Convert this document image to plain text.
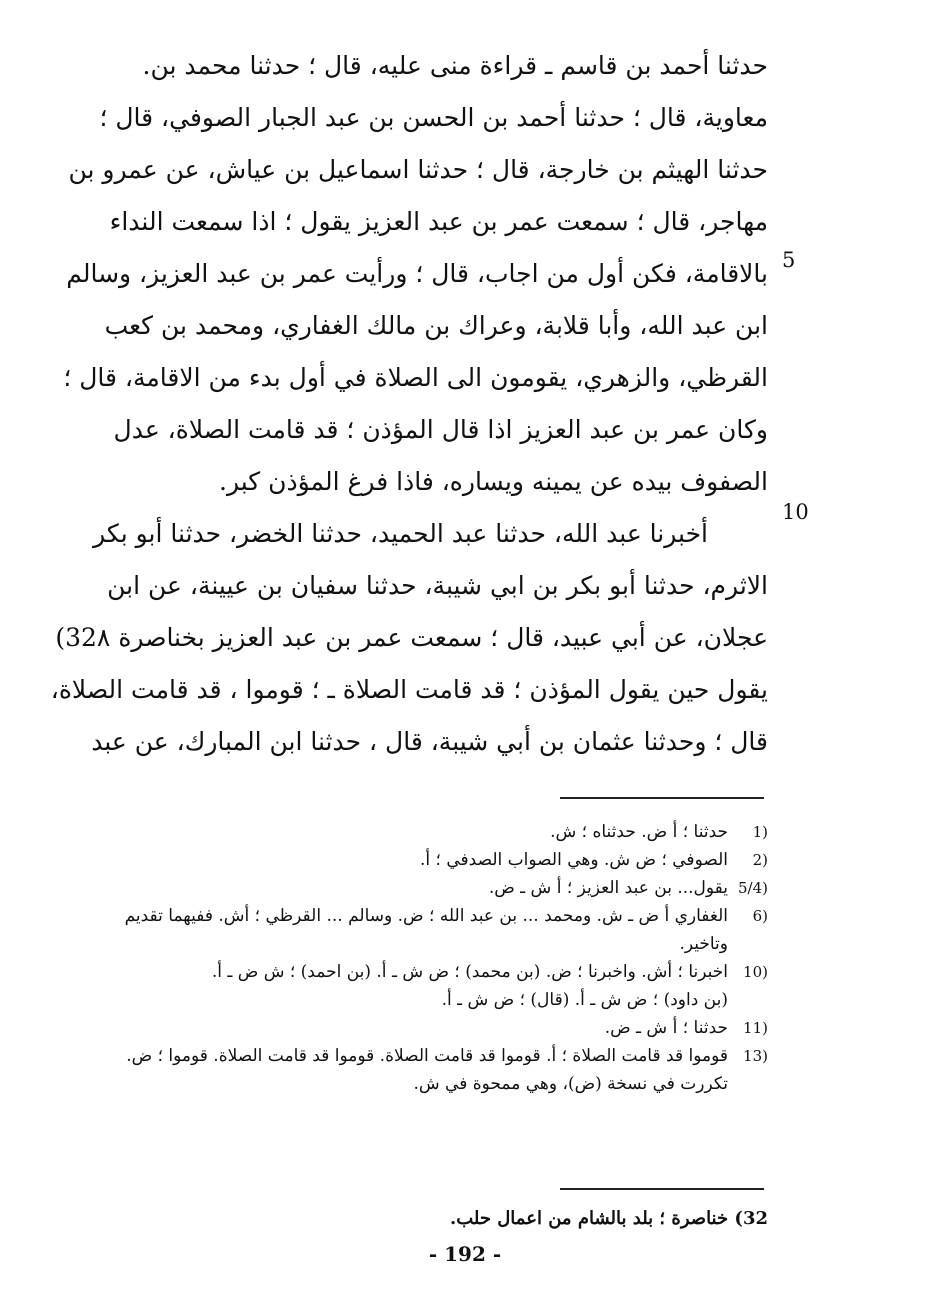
حدثنا أحمد بن قاسم ـ قراءة منى عليه، قال ؛ حدثنا محمد بن.
معاوية، قال ؛ حدثنا أحمد بن الحسن بن عبد الجبار الصوفي، قال ؛
حدثنا الهيثم بن خارجة، قال ؛ حدثنا اسماعيل بن عياش، عن عمرو بن
مهاجر، قال ؛ سمعت عمر بن عبد العزيز يقول ؛ اذا سمعت النداء
بالاقامة، فكن أول من اجاب، قال ؛ ورأيت عمر بن عبد العزيز، وسالم
ابن عبد الله، وأبا قلابة، وعراك بن مالك الغفاري، ومحمد بن كعب
القرظي، والزهري، يقومون الى الصلاة في أول بدء من الاقامة، قال ؛
وكان عمر بن عبد العزيز اذا قال المؤذن ؛ قد قامت الصلاة، عدل
الصفوف بيده عن يمينه ويساره، فاذا فرغ المؤذن كبر.
أخبرنا عبد الله، حدثنا عبد الحميد، حدثنا الخضر، حدثنا أبو بكر
الاثرم، حدثنا أبو بكر بن ابي شيبة، حدثنا سفيان بن عيينة، عن ابن
عجلان، عن أبي عبيد، قال ؛ سمعت عمر بن عبد العزيز بخناصرة 32٨)
يقول حين يقول المؤذن ؛ قد قامت الصلاة ـ ؛ قوموا ، قد قامت الصلاة،
قال ؛ وحدثنا عثمان بن أبي شيبة، قال ، حدثنا ابن المبارك، عن عبد
5
10
1)
حدثنا ؛ أ ض. حدثناه ؛ ش.
2)
الصوفي ؛ ض ش. وهي الصواب الصدفي ؛ أ.
5/4)
يقول... بن عبد العزيز ؛ أ ش ـ ض.
6)
الغفاري أ ض ـ ش. ومحمد ... بن عبد الله ؛ ض. وسالم ... القرظي ؛ أش. ففيهما تقديم
وتاخير.
10)
اخبرنا ؛ أش. واخبرنا ؛ ض. (بن محمد) ؛ ض ش ـ أ. (بن احمد) ؛ ش ض ـ أ.
(بن داود) ؛ ض ش ـ أ. (قال) ؛ ض ش ـ أ.
11)
حدثنا ؛ أ ش ـ ض.
13)
قوموا قد قامت الصلاة ؛ أ. قوموا قد قامت الصلاة. قوموا قد قامت الصلاة. قوموا ؛ ض.
تكررت في نسخة (ض)، وهي ممحوة في ش.
32) خناصرة ؛ بلد بالشام من اعمال حلب.
- 192 -
